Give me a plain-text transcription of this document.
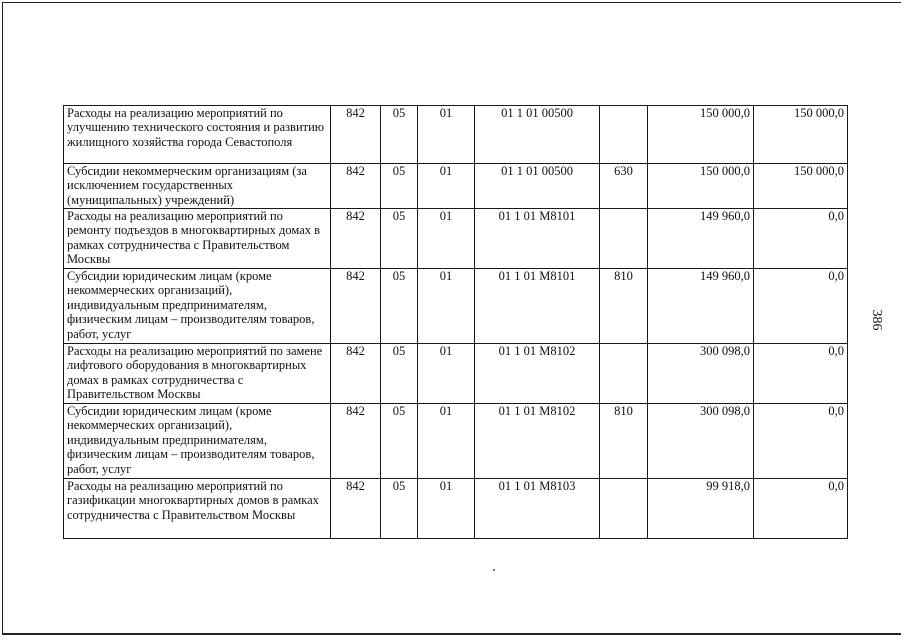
Расходы на реализацию мероприятий по улучшению технического состояния и развитию жилищного хозяйства города Севастополя	842	05	01	01 1 01 00500		150 000,0	150 000,0
Субсидии некоммерческим организациям (за исключением государственных (муниципальных) учреждений)	842	05	01	01 1 01 00500	630	150 000,0	150 000,0
Расходы на реализацию мероприятий по ремонту подъездов в многоквартирных домах в рамках сотрудничества с Правительством Москвы	842	05	01	01 1 01 M8101		149 960,0	0,0
Субсидии юридическим лицам (кроме некоммерческих организаций), индивидуальным предпринимателям, физическим лицам – производителям товаров, работ, услуг	842	05	01	01 1 01 M8101	810	149 960,0	0,0
Расходы на реализацию мероприятий по замене лифтового оборудования в многоквартирных домах в рамках сотрудничества с Правительством Москвы	842	05	01	01 1 01 M8102		300 098,0	0,0
Субсидии юридическим лицам (кроме некоммерческих организаций), индивидуальным предпринимателям, физическим лицам – производителям товаров, работ, услуг	842	05	01	01 1 01 M8102	810	300 098,0	0,0
Расходы на реализацию мероприятий по газификации многоквартирных домов в рамках сотрудничества с Правительством Москвы	842	05	01	01 1 01 M8103		99 918,0	0,0
386
